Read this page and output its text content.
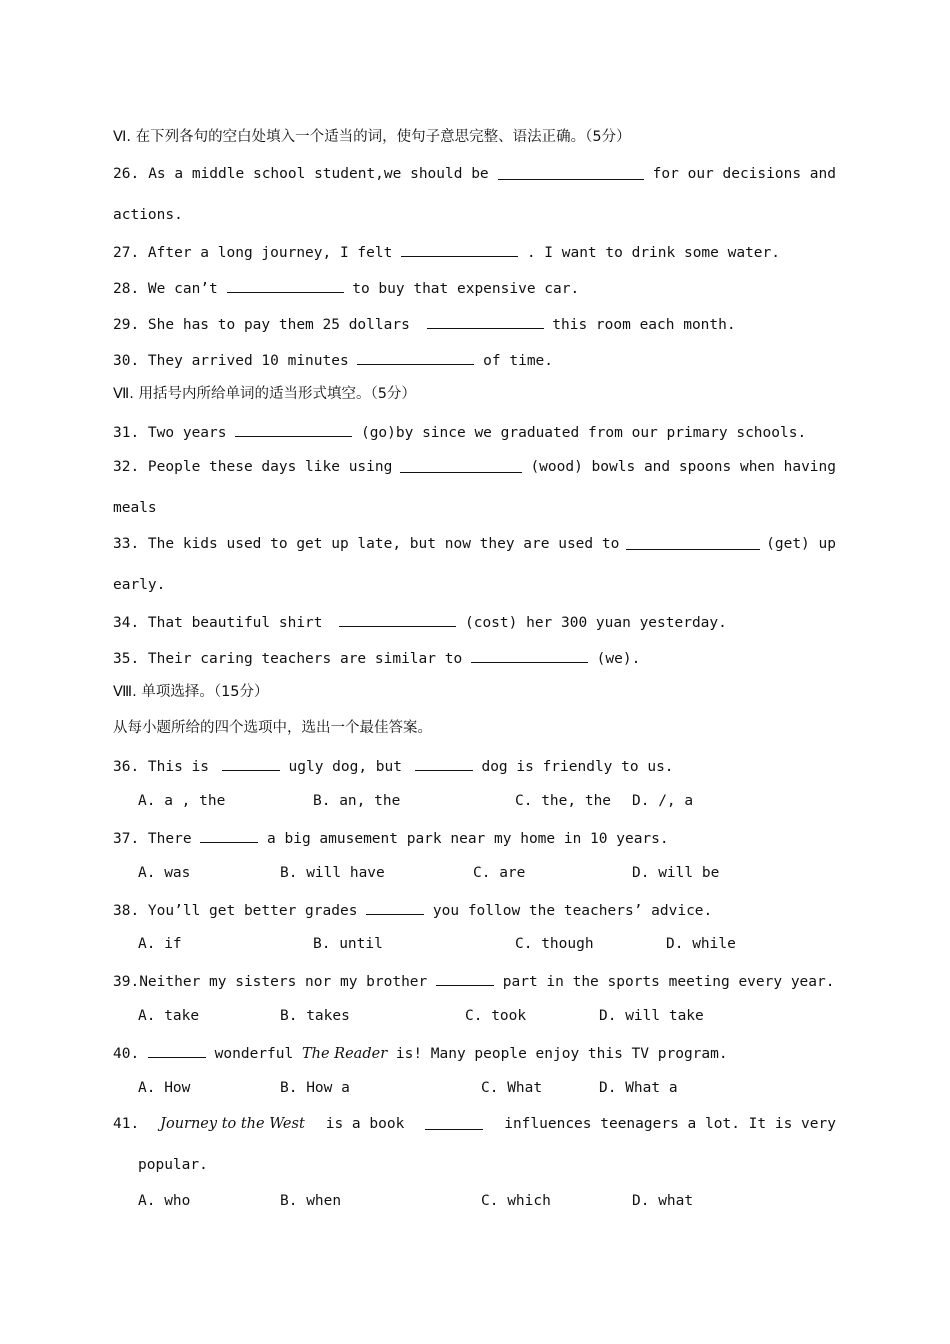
Ⅵ. 在下列各句的空白处填入一个适当的词，使句子意思完整、语法正确。（5分）
26. As a middle school student,we should be	for our decisions and
actions.
27. After a long journey, I felt	. I want to drink some water.
28. We can’t	to buy that expensive car.
29. She has to pay them 25 dollars	this room each month.
30. They arrived 10 minutes	of time.
Ⅶ. 用括号内所给单词的适当形式填空。（5分）
31. Two years	(go)by since we graduated from our primary schools.
32. People these days like using	(wood) bowls and spoons when having
meals
33. The kids used to get up late, but now they are used to	(get) up
early.
34. That beautiful shirt	(cost) her 300 yuan yesterday.
35. Their caring teachers are similar to	(we).
Ⅷ. 单项选择。（15分）
从每小题所给的四个选项中，选出一个最佳答案。
36. This is	ugly dog, but	dog is friendly to us.
A. a , the	B. an, the	C. the, the D. /, a
37. There	a big amusement park near my home in 10 years.
A. was	B. will have	C. are	D. will be
38. You’ll get better grades	you follow the teachers’ advice.
A. if	B. until	C. though	D. while
39.Neither my sisters nor my brother	part in the sports meeting every year.
A. take	B. takes	C. took	D. will take
40.	wonderful The Reader is! Many people enjoy this TV program.
A. How	B. How a	C. What	D. What a
41. Journey to the West is a book	influences teenagers a lot. It is very
popular.
A. who	B. when	C. which	D. what
